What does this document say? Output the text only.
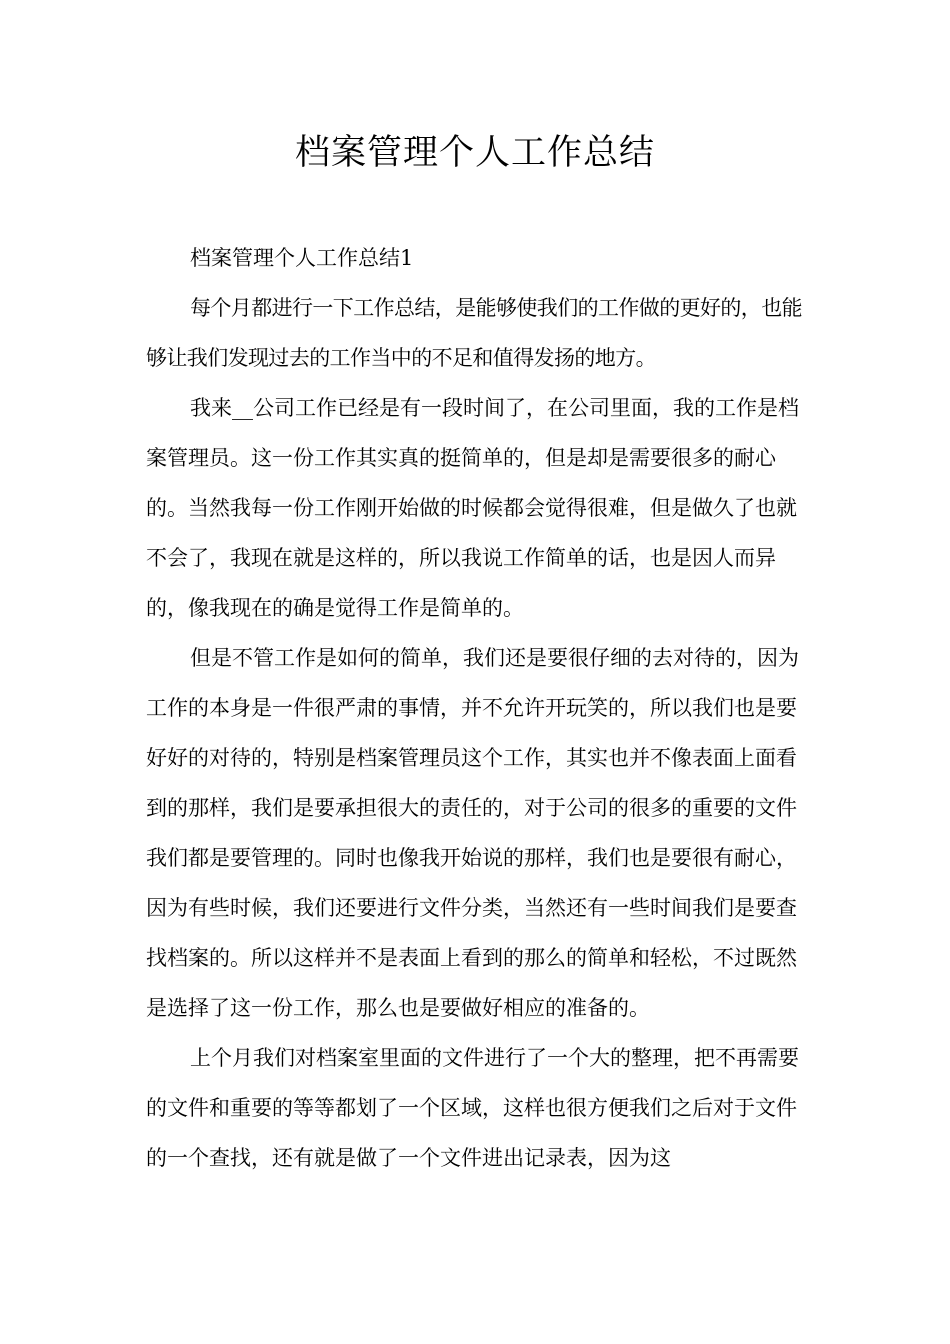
档案管理个人工作总结

档案管理个人工作总结1

每个月都进行一下工作总结，是能够使我们的工作做的更好的，也能够让我们发现过去的工作当中的不足和值得发扬的地方。

我来__公司工作已经是有一段时间了，在公司里面，我的工作是档案管理员。这一份工作其实真的挺简单的，但是却是需要很多的耐心的。当然我每一份工作刚开始做的时候都会觉得很难，但是做久了也就不会了，我现在就是这样的，所以我说工作简单的话，也是因人而异的，像我现在的确是觉得工作是简单的。

但是不管工作是如何的简单，我们还是要很仔细的去对待的，因为工作的本身是一件很严肃的事情，并不允许开玩笑的，所以我们也是要好好的对待的，特别是档案管理员这个工作，其实也并不像表面上面看到的那样，我们是要承担很大的责任的，对于公司的很多的重要的文件我们都是要管理的。同时也像我开始说的那样，我们也是要很有耐心，因为有些时候，我们还要进行文件分类，当然还有一些时间我们是要查找档案的。所以这样并不是表面上看到的那么的简单和轻松，不过既然是选择了这一份工作，那么也是要做好相应的准备的。

上个月我们对档案室里面的文件进行了一个大的整理，把不再需要的文件和重要的等等都划了一个区域，这样也很方便我们之后对于文件的一个查找，还有就是做了一个文件进出记录表，因为这
